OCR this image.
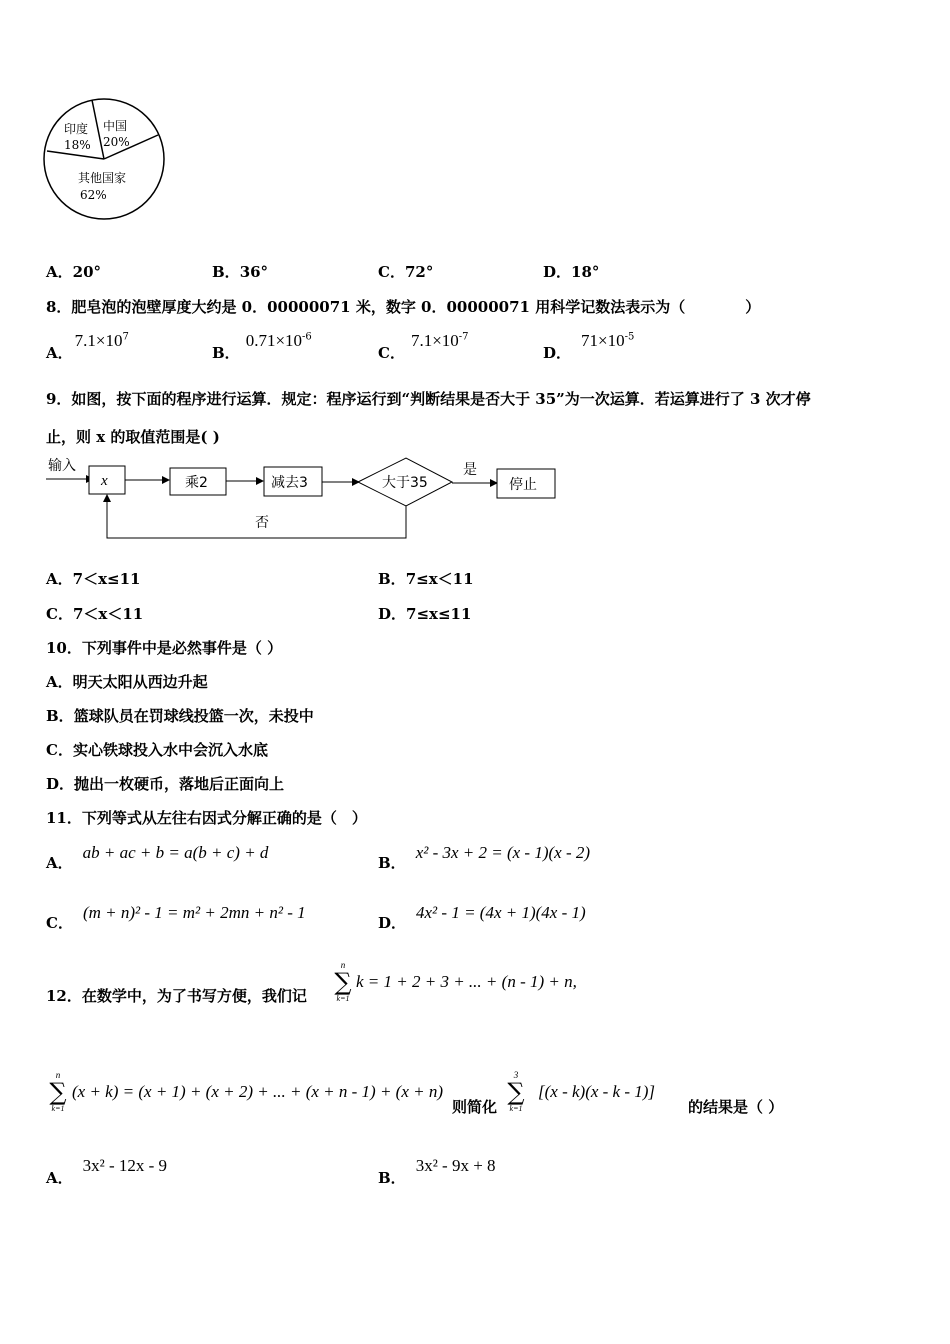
印度
18%
中国
20%
其他国家
62%
A．20°	B．36°	C．72°	D．18°
8．肥皂泡的泡壁厚度大约是 0．00000071 米，数字 0．00000071 用科学记数法表示为（　　　　）
A．$7.1\times 10^7$
B．$0.71\times 10^{-6}$
C．$7.1\times 10^{-7}$
D．$71\times 10^{-5}$
9．如图，按下面的程序进行运算．规定：程序运行到“判断结果是否大于 35”为一次运算．若运算进行了 3 次才停
止，则 x 的取值范围是( )
输入
x	乘2	减去3	大于35
是
停止
否
A．7＜x≤11	B．7≤x＜11
C．7＜x＜11	D．7≤x≤11
10．下列事件中是必然事件是（ ）
A．明天太阳从西边升起
B．篮球队员在罚球线投篮一次，未投中
C．实心铁球投入水中会沉入水底
D．抛出一枚硬币，落地后正面向上
11．下列等式从左往右因式分解正确的是（　）
A．ab + ac + b = a(b + c) + d
B．x² - 3x + 2 = (x - 1)(x - 2)
C．(m + n)² - 1 = m² + 2mn + n² - 1
D．4x² - 1 = (4x + 1)(4x - 1)
12．在数学中，为了书写方便，我们记
n
∑
k=1
k = 1 + 2 + 3 + ... + (n - 1) + n,
n
∑
k=1
(x + k) = (x + 1) + (x + 2) + ... + (x + n - 1) + (x + n)
则简化
3
∑
k=1
[(x - k)(x - k - 1)]
的结果是（ ）
A．3x² - 12x - 9
B．3x² - 9x + 8
